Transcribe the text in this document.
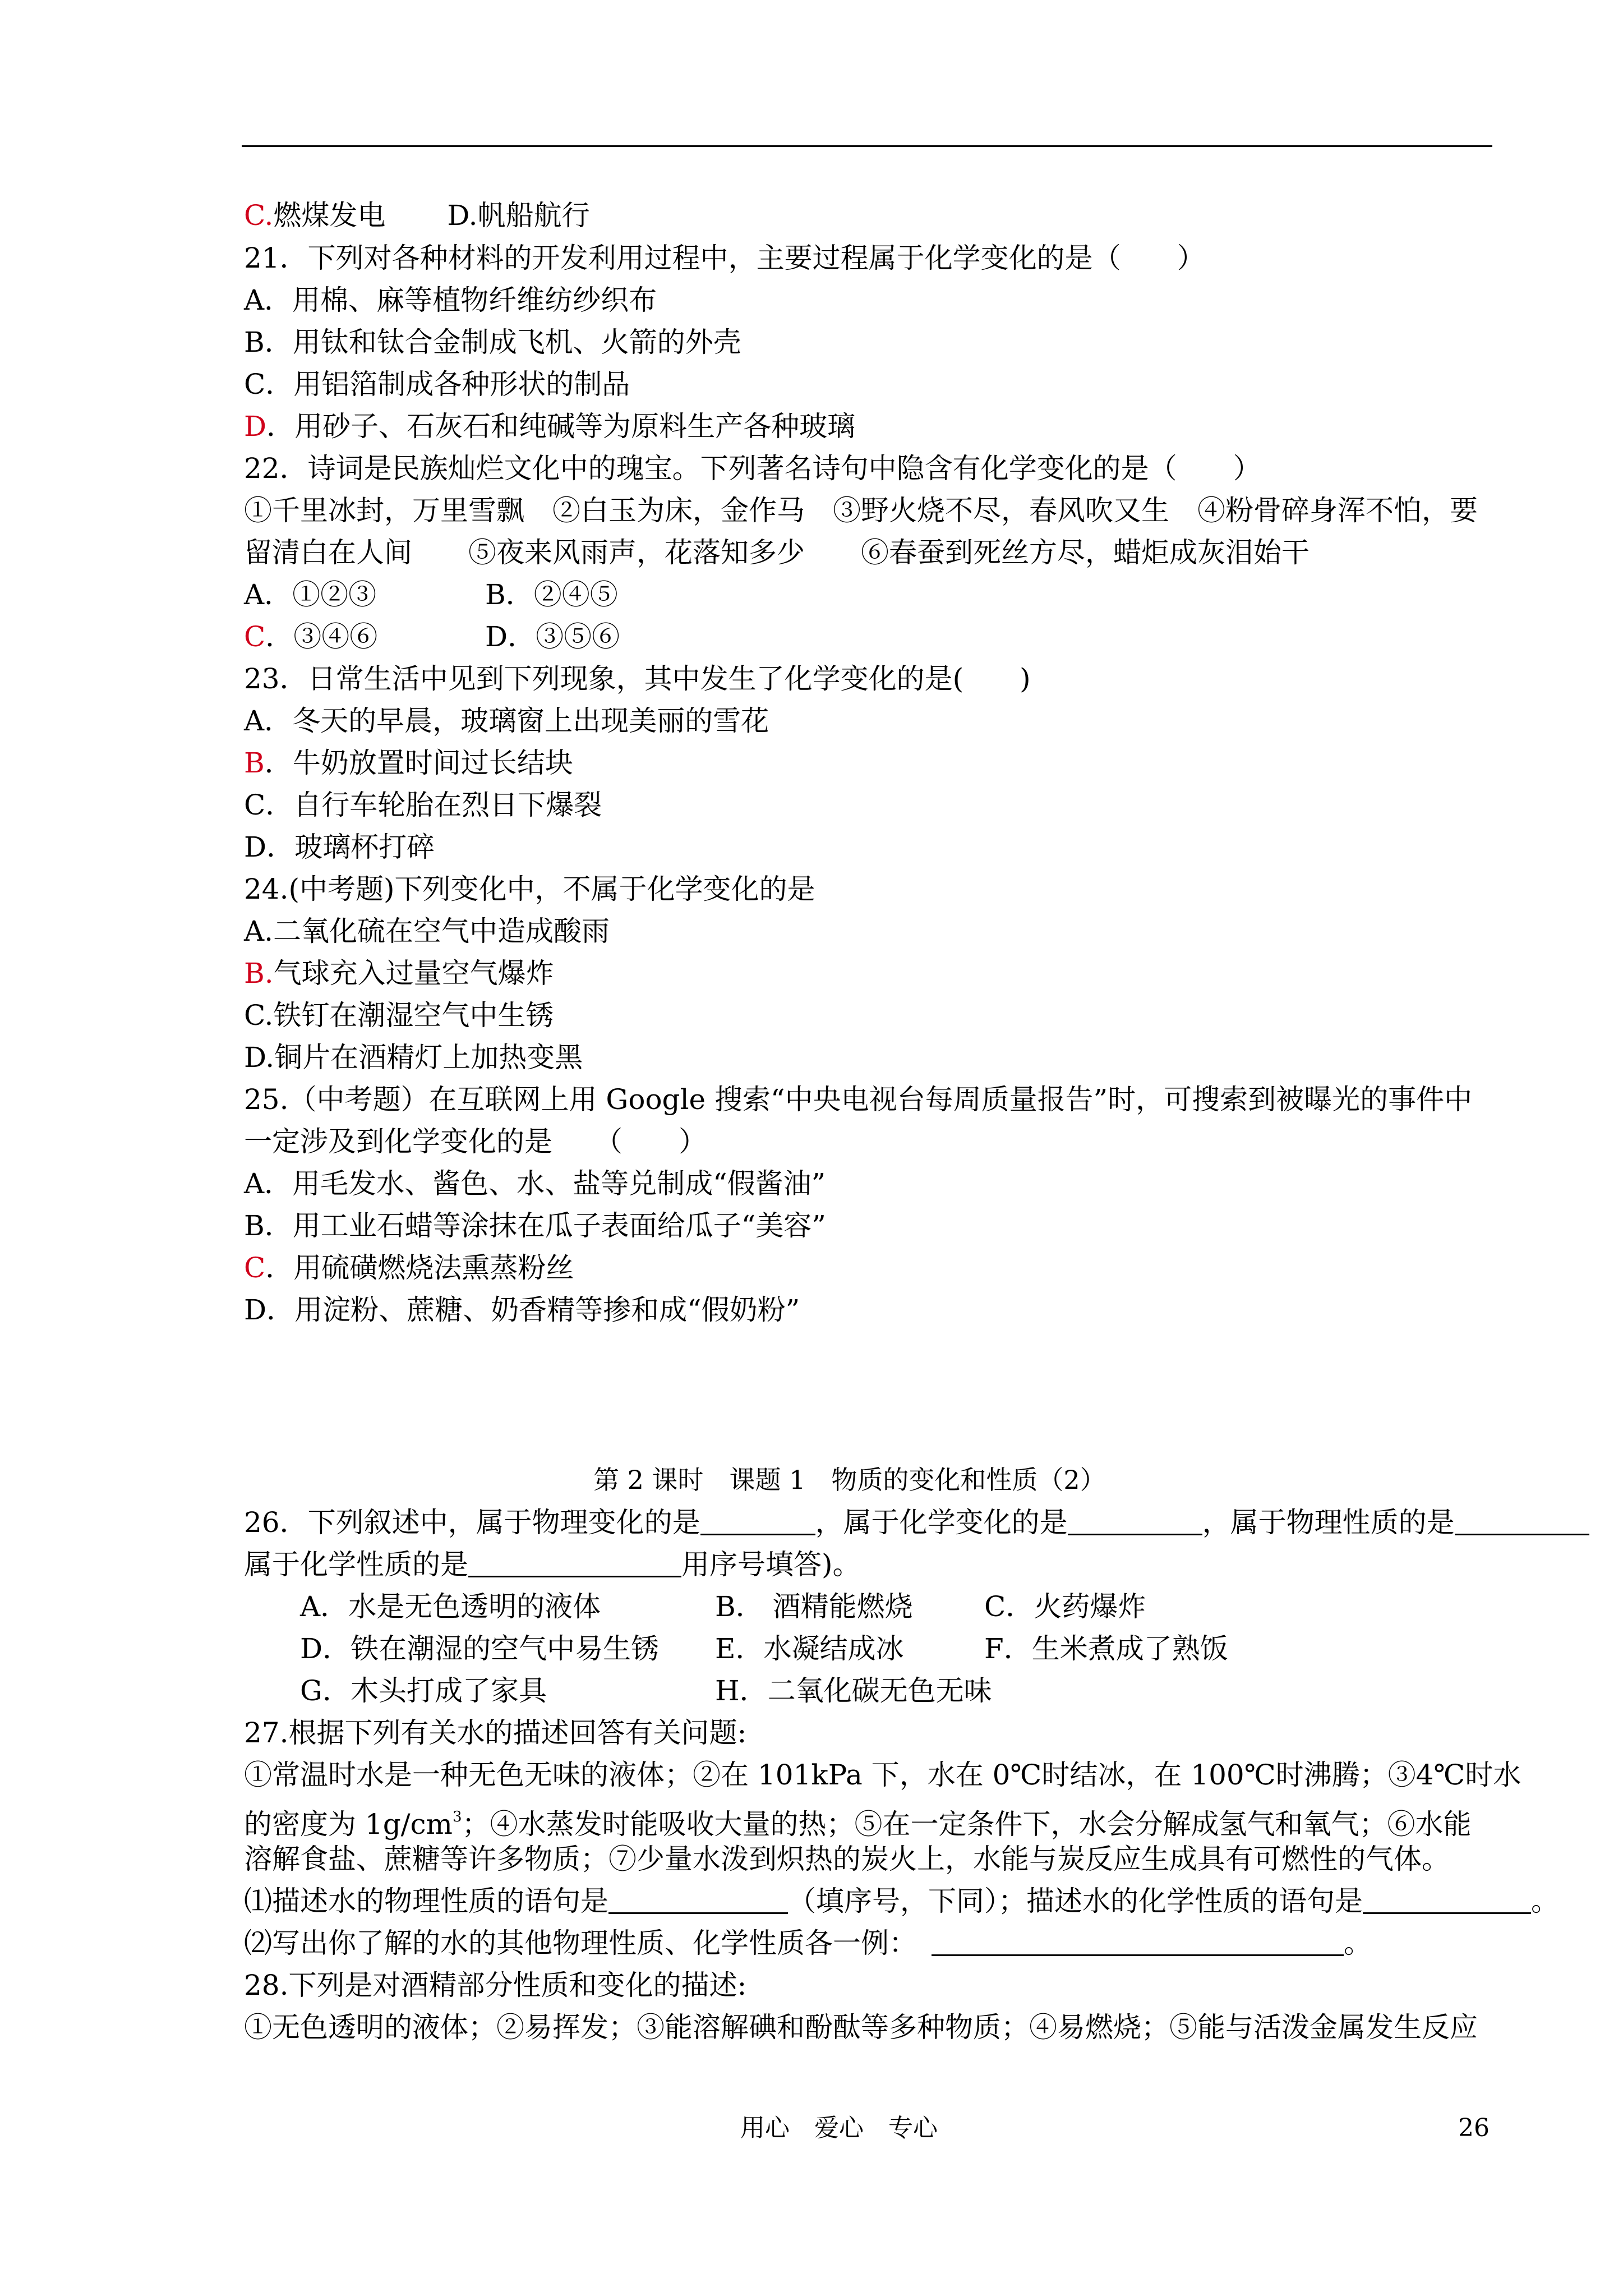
C.燃煤发电 D.帆船航行
21．下列对各种材料的开发利用过程中，主要过程属于化学变化的是（　　）
A．用棉、麻等植物纤维纺纱织布
B．用钛和钛合金制成飞机、火箭的外壳
C．用铝箔制成各种形状的制品
D．用砂子、石灰石和纯碱等为原料生产各种玻璃
22．诗词是民族灿烂文化中的瑰宝。下列著名诗句中隐含有化学变化的是（　　）
①千里冰封，万里雪飘　②白玉为床，金作马　③野火烧不尽，春风吹又生　④粉骨碎身浑不怕，要
留清白在人间　　⑤夜来风雨声，花落知多少　　⑥春蚕到死丝方尽，蜡炬成灰泪始干
A．①②③	B．②④⑤
C．③④⑥	D．③⑤⑥
23．日常生活中见到下列现象，其中发生了化学变化的是(　　)
A．冬天的早晨，玻璃窗上出现美丽的雪花
B．牛奶放置时间过长结块
C．自行车轮胎在烈日下爆裂
D．玻璃杯打碎
24.(中考题)下列变化中，不属于化学变化的是
A.二氧化硫在空气中造成酸雨
B.气球充入过量空气爆炸
C.铁钉在潮湿空气中生锈
D.铜片在酒精灯上加热变黑
25.（中考题）在互联网上用 Google 搜索“中央电视台每周质量报告”时，可搜索到被曝光的事件中
一定涉及到化学变化的是　　（　　）
A．用毛发水、酱色、水、盐等兑制成“假酱油”
B．用工业石蜡等涂抹在瓜子表面给瓜子“美容”
C．用硫磺燃烧法熏蒸粉丝
D．用淀粉、蔗糖、奶香精等掺和成“假奶粉”
第 2 课时　课题 1　物质的变化和性质（2）
26．下列叙述中，属于物理变化的是	，属于化学变化的是	，属于物理性质的是
属于化学性质的是	用序号填答)。
A．水是无色透明的液体	B． 酒精能燃烧	C．火药爆炸
D．铁在潮湿的空气中易生锈 E．水凝结成冰	F．生米煮成了熟饭
G．木头打成了家具	H．二氧化碳无色无味
27.根据下列有关水的描述回答有关问题:
①常温时水是一种无色无味的液体；②在 101kPa 下，水在 0℃时结冰，在 100℃时沸腾；③4℃时水
的密度为 $1g/cm^3$；④水蒸发时能吸收大量的热；⑤在一定条件下，水会分解成氢气和氧气；⑥水能
溶解食盐、蔗糖等许多物质；⑦少量水泼到炽热的炭火上，水能与炭反应生成具有可燃性的气体。
⑴描述水的物理性质的语句是	（填序号，下同）；描述水的化学性质的语句是	。
⑵写出你了解的水的其他物理性质、化学性质各一例：	。
28.下列是对酒精部分性质和变化的描述:
①无色透明的液体；②易挥发；③能溶解碘和酚酞等多种物质；④易燃烧；⑤能与活泼金属发生反应
用心　爱心　专心	26
